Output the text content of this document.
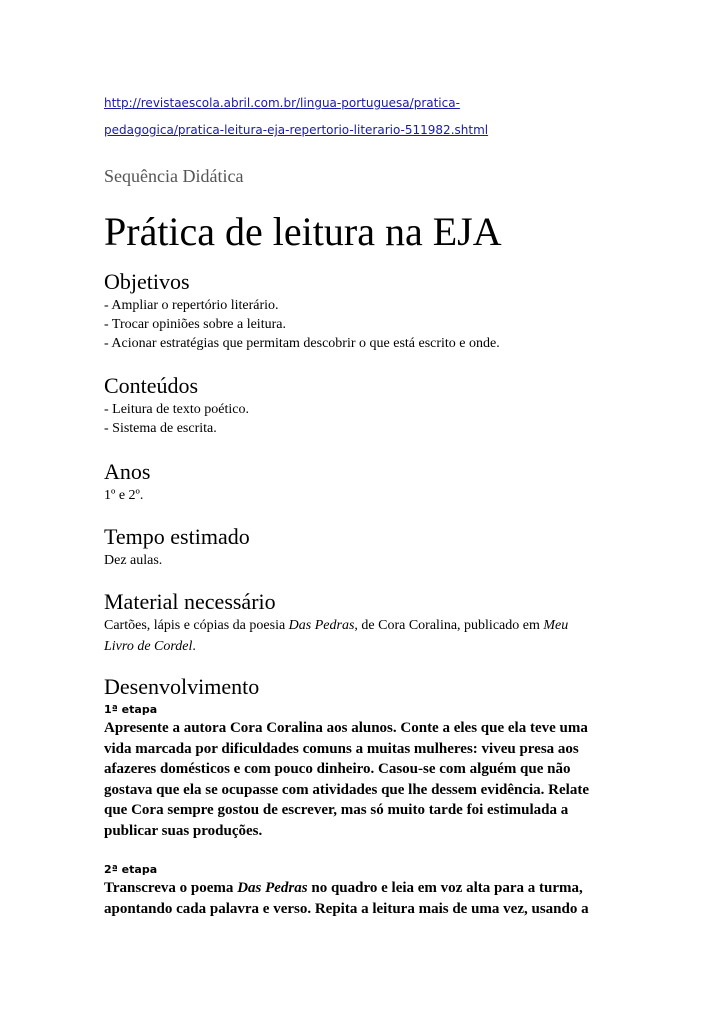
http://revistaescola.abril.com.br/lingua-portuguesa/pratica-
pedagogica/pratica-leitura-eja-repertorio-literario-511982.shtml
Sequência Didática
Prática de leitura na EJA

Objetivos

- Ampliar o repertório literário.

- Trocar opiniões sobre a leitura.

- Acionar estratégias que permitam descobrir o que está escrito e onde.

Conteúdos

- Leitura de texto poético.

- Sistema de escrita.

Anos

1º e 2º.

Tempo estimado

Dez aulas.

Material necessário

Cartões, lápis e cópias da poesia Das Pedras, de Cora Coralina, publicado em Meu

Livro de Cordel.

Desenvolvimento

1ª etapa

Apresente a autora Cora Coralina aos alunos. Conte a eles que ela teve uma

vida marcada por dificuldades comuns a muitas mulheres: viveu presa aos

afazeres domésticos e com pouco dinheiro. Casou-se com alguém que não

gostava que ela se ocupasse com atividades que lhe dessem evidência. Relate

que Cora sempre gostou de escrever, mas só muito tarde foi estimulada a

publicar suas produções.

2ª etapa

Transcreva o poema Das Pedras no quadro e leia em voz alta para a turma,

apontando cada palavra e verso. Repita a leitura mais de uma vez, usando a
